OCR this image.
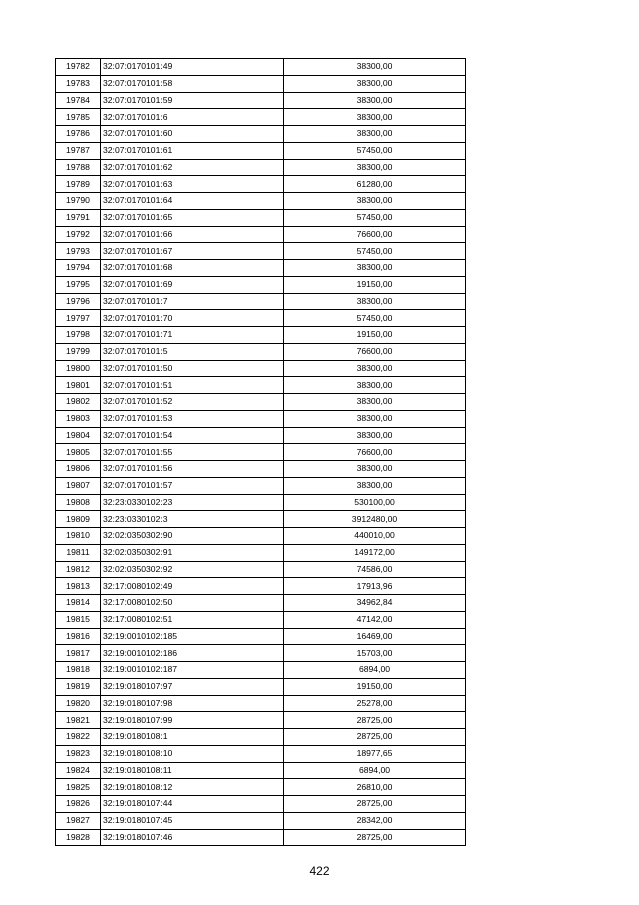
19782	32:07:0170101:49	38300,00
19783	32:07:0170101:58	38300,00
19784	32:07:0170101:59	38300,00
19785	32:07:0170101:6	38300,00
19786	32:07:0170101:60	38300,00
19787	32:07:0170101:61	57450,00
19788	32:07:0170101:62	38300,00
19789	32:07:0170101:63	61280,00
19790	32:07:0170101:64	38300,00
19791	32:07:0170101:65	57450,00
19792	32:07:0170101:66	76600,00
19793	32:07:0170101:67	57450,00
19794	32:07:0170101:68	38300,00
19795	32:07:0170101:69	19150,00
19796	32:07:0170101:7	38300,00
19797	32:07:0170101:70	57450,00
19798	32:07:0170101:71	19150,00
19799	32:07:0170101:5	76600,00
19800	32:07:0170101:50	38300,00
19801	32:07:0170101:51	38300,00
19802	32:07:0170101:52	38300,00
19803	32:07:0170101:53	38300,00
19804	32:07:0170101:54	38300,00
19805	32:07:0170101:55	76600,00
19806	32:07:0170101:56	38300,00
19807	32:07:0170101:57	38300,00
19808	32:23:0330102:23	530100,00
19809	32:23:0330102:3	3912480,00
19810	32:02:0350302:90	440010,00
19811	32:02:0350302:91	149172,00
19812	32:02:0350302:92	74586,00
19813	32:17:0080102:49	17913,96
19814	32:17:0080102:50	34962,84
19815	32:17:0080102:51	47142,00
19816	32:19:0010102:185	16469,00
19817	32:19:0010102:186	15703,00
19818	32:19:0010102:187	6894,00
19819	32:19:0180107:97	19150,00
19820	32:19:0180107:98	25278,00
19821	32:19:0180107:99	28725,00
19822	32:19:0180108:1	28725,00
19823	32:19:0180108:10	18977,65
19824	32:19:0180108:11	6894,00
19825	32:19:0180108:12	26810,00
19826	32:19:0180107:44	28725,00
19827	32:19:0180107:45	28342,00
19828	32:19:0180107:46	28725,00
422
